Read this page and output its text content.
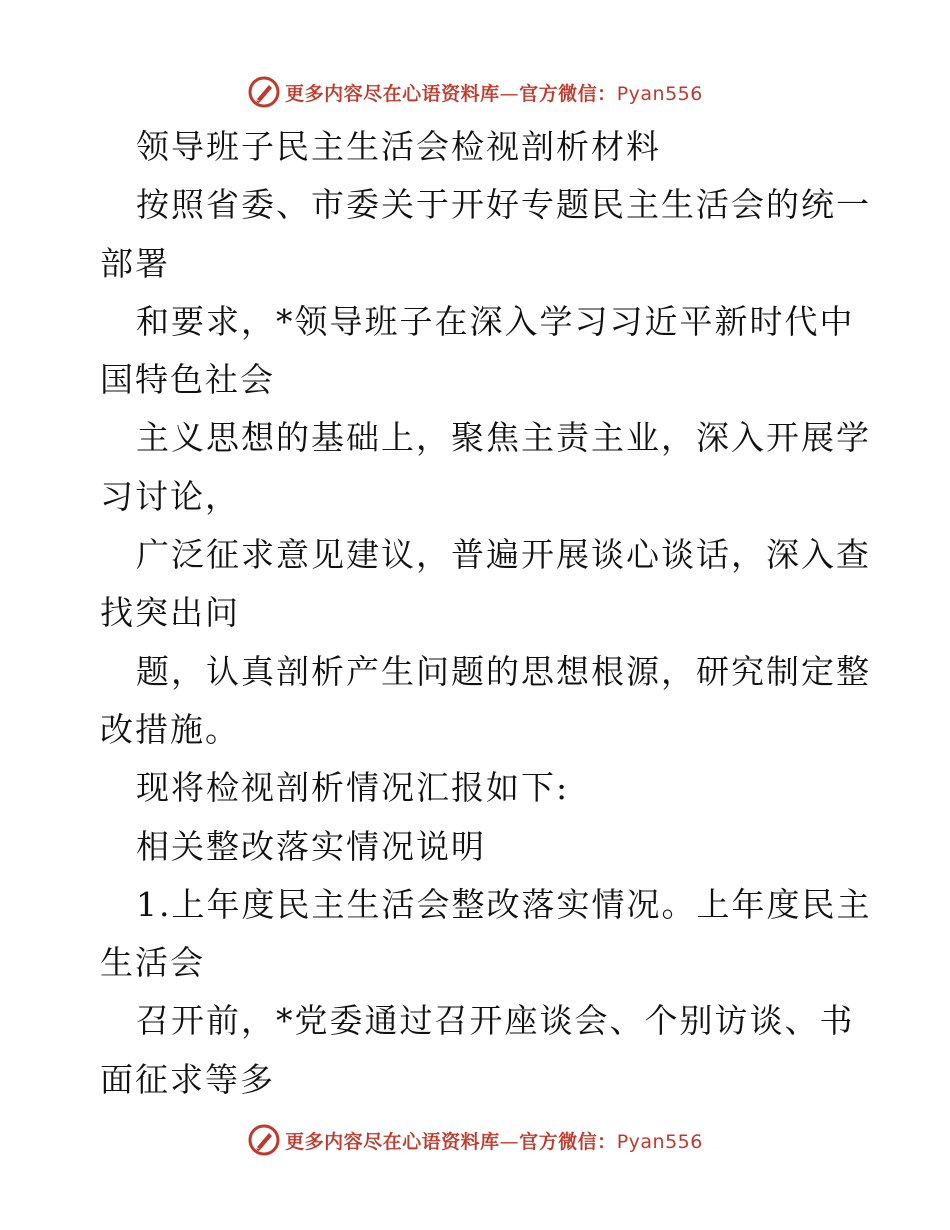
更多内容尽在心语资料库—官方微信：Pyan556
领导班子民主生活会检视剖析材料
按照省委、市委关于开好专题民主生活会的统一
部署
和要求，*领导班子在深入学习习近平新时代中
国特色社会
主义思想的基础上，聚焦主责主业，深入开展学
习讨论，
广泛征求意见建议，普遍开展谈心谈话，深入查
找突出问
题，认真剖析产生问题的思想根源，研究制定整
改措施。
现将检视剖析情况汇报如下:
相关整改落实情况说明
1.上年度民主生活会整改落实情况。上年度民主
生活会
召开前，*党委通过召开座谈会、个别访谈、书
面征求等多
更多内容尽在心语资料库—官方微信：Pyan556
